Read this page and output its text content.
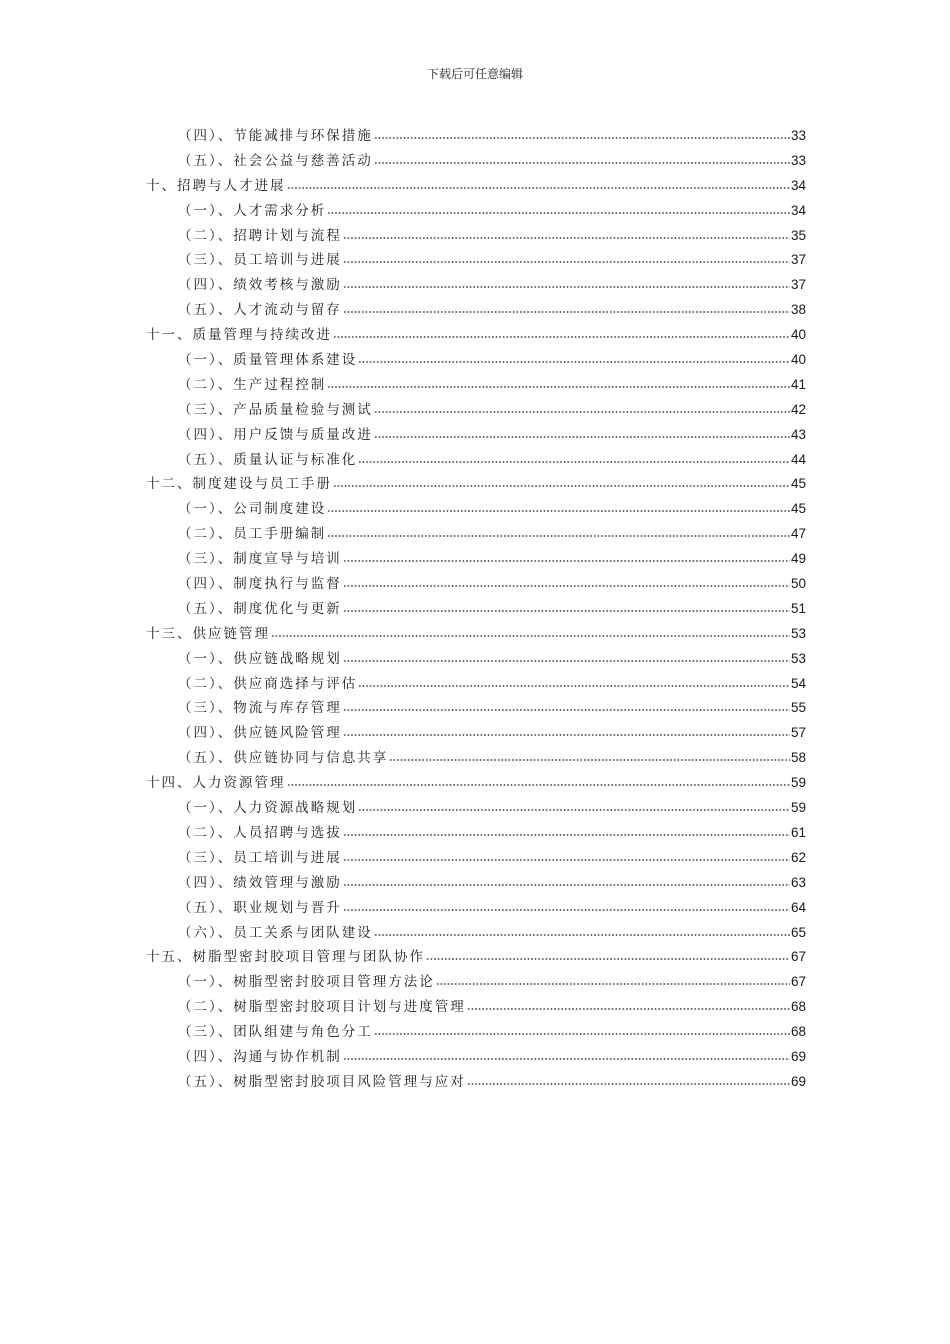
下载后可任意编辑
（四）、节能减排与环保措施	33
（五）、社会公益与慈善活动	33
十、招聘与人才进展	34
（一）、人才需求分析	34
（二）、招聘计划与流程	35
（三）、员工培训与进展	37
（四）、绩效考核与激励	37
（五）、人才流动与留存	38
十一、质量管理与持续改进	40
（一）、质量管理体系建设	40
（二）、生产过程控制	41
（三）、产品质量检验与测试	42
（四）、用户反馈与质量改进	43
（五）、质量认证与标准化	44
十二、制度建设与员工手册	45
（一）、公司制度建设	45
（二）、员工手册编制	47
（三）、制度宣导与培训	49
（四）、制度执行与监督	50
（五）、制度优化与更新	51
十三、供应链管理	53
（一）、供应链战略规划	53
（二）、供应商选择与评估	54
（三）、物流与库存管理	55
（四）、供应链风险管理	57
（五）、供应链协同与信息共享	58
十四、人力资源管理	59
（一）、人力资源战略规划	59
（二）、人员招聘与选拔	61
（三）、员工培训与进展	62
（四）、绩效管理与激励	63
（五）、职业规划与晋升	64
（六）、员工关系与团队建设	65
十五、树脂型密封胶项目管理与团队协作	67
（一）、树脂型密封胶项目管理方法论	67
（二）、树脂型密封胶项目计划与进度管理	68
（三）、团队组建与角色分工	68
（四）、沟通与协作机制	69
（五）、树脂型密封胶项目风险管理与应对	69
